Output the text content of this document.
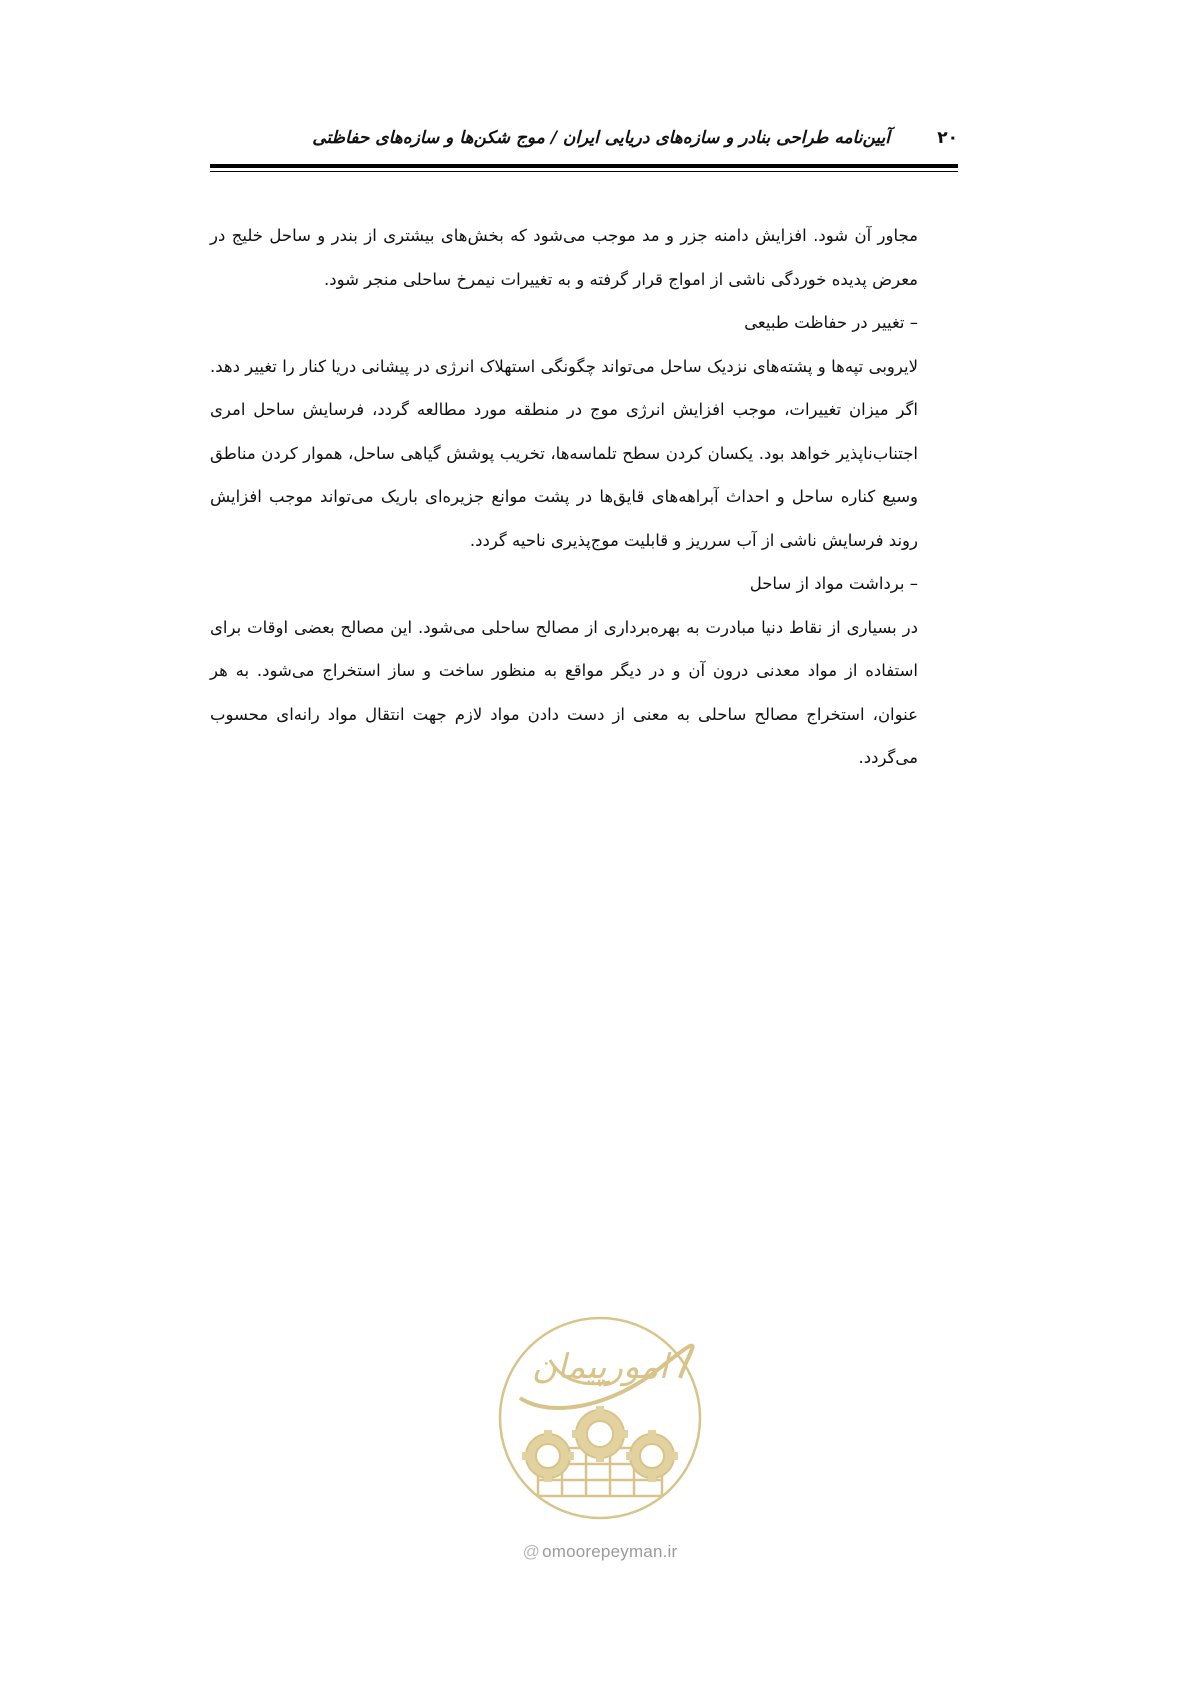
آیین‌نامه طراحی بنادر و سازه‌های دریایی ایران / موج شکن‌ها و سازه‌های حفاظتی	۲۰

مجاور آن شود. افزایش دامنه جزر و مد موجب می‌شود که بخش‌های بیشتری از بندر و ساحل خلیج در معرض پدیده خوردگی ناشی از امواج قرار گرفته و به تغییرات نیمرخ ساحلی منجر شود.

– تغییر در حفاظت طبیعی

لایروبی تپه‌ها و پشته‌های نزدیک ساحل می‌تواند چگونگی استهلاک انرژی در پیشانی دریا کنار را تغییر دهد. اگر میزان تغییرات، موجب افزایش انرژی موج در منطقه مورد مطالعه گردد، فرسایش ساحل امری اجتناب‌ناپذیر خواهد بود. یکسان کردن سطح تلماسه‌ها، تخریب پوشش گیاهی ساحل، هموار کردن مناطق وسیع کناره ساحل و احداث آبراهه‌های قایق‌ها در پشت موانع جزیره‌ای باریک می‌تواند موجب افزایش روند فرسایش ناشی از آب سرریز و قابلیت موج‌پذیری ناحیه گردد.

– برداشت مواد از ساحل

در بسیاری از نقاط دنیا مبادرت به بهره‌برداری از مصالح ساحلی می‌شود. این مصالح بعضی اوقات برای استفاده از مواد معدنی درون آن و در دیگر مواقع به منظور ساخت و ساز استخراج می‌شود. به هر عنوان، استخراج مصالح ساحلی به معنی از دست دادن مواد لازم جهت انتقال مواد رانه‌ای محسوب می‌گردد.

امورپیمان
@ omoorepeyman.ir
